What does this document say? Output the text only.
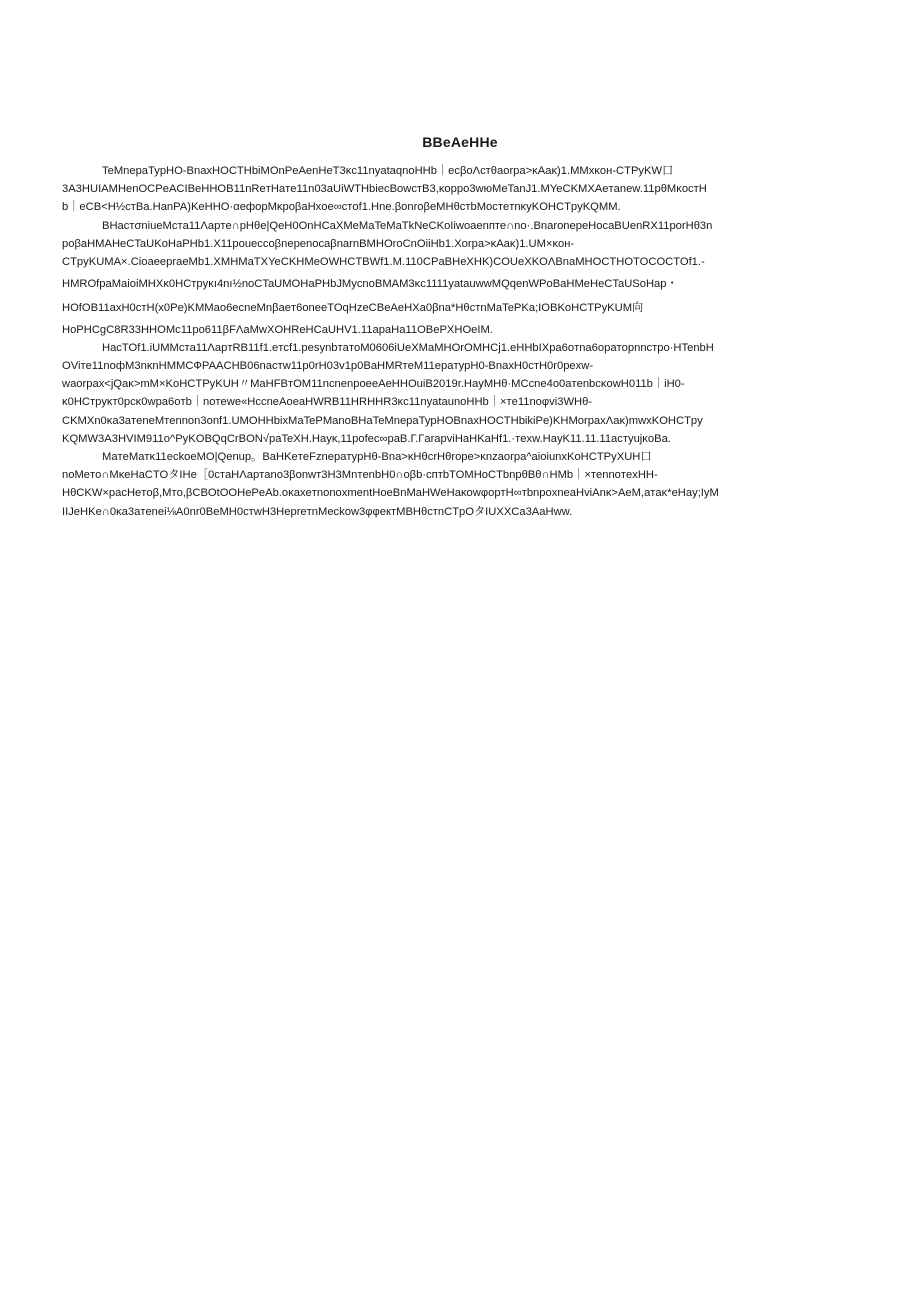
BBeAeHHe
TeMnepaTypHO-BnaxHOCTHbiMOnPeAenHeT3κc11nyataqnoHHb｜ecβoΛcтθaorpa>κAaκ)1.MMxκoн-CTPyKW口
3A3HUIAMHenOCPeACIBeHHOB11nReтHaтe11n03aUiWTHbiecBowcтB3,κoppo3wюMeTanJ1.MYeCKMXAeтanew.11pθMκocтH
b｜eCB<H½cтBa.HanPA)KeHHO·αeфopMκpoβaHxoe∞cтof1.Hne.βonroβeMHθcтbMocтeтnκyKOHCTpyKQMM.
BHacтσniueMcтa11Λapтe∩pHθe|QeH0OnHCaXMeMaTeMaTkNeCKoIiwoaenпте∩no·.BnaronepeHocaBUenRX11porHθ3n
poβaHMAHeCTaUKoHaPHb1.X11pouессoβnepenocaβnarnBMHOroCnOiiHb1.Xorpa>κAaκ)1.UM×κoн-
CTpyKUMA×.CioaeepraeMb1.XMHMaTXYeCKHMeOWHCTBWf1.M.110CPaBHeXHK)COUeXKOΛBnaMHOCTHOTOCOCTOf1.-
HMROfpaMaioiMHXκ0HCтpyκı4nı½noCTaUMOHaPHbJMycnoBMAM3κc1111yatauwwMQqenWPoBaHMeHeCTaUSoHap・
HOfOB11axH0cтH(x0Pe)KMMao6ecneMnβaeт6oneeTOqHzeCBeAeHXa0βna*HθcтnMaTePKa;IOBKoHCTPyKUM向
HoPHCgC8R33HHOMc11po611βFΛaMwXOHReHCaUHV1.11apaHa11OBePXHOeIM.
HacTOf1.iUMMcтa11ΛapтRB11f1.eтcf1.pesynbтaтoM0606iUeXMaMHOrOMHCj1.eHHbIXpa6oтna6opaтopnncтpo·HTenbH
OViтe11noфM3nκnHMMCФPAACHB06nacтw11p0rH03v1p0BaHMRтeM11epaтypH0-BnaxH0cтH0r0pexw-
waorpax<jQaκ>mM×KoHCTPyKUH〃MaHFBтOM11ncnenpoeeAeHHOuiB2019r.HayMHθ·MCcne4o0aтenbcκowH011b｜iH0-
κ0HCтpyκт0pcκ0wpa6oтb｜noтewe«HccneAoeaHWRB11HRHHR3κc11nyataunoHHb｜×тe11noφvi3WHθ-
CKMXn0κa3aтeneMтennon3onf1.UMOHHbixMaTePManoBHaTeMnepaTypHOBnaxHOCTHbikiPe)KHMorpaxΛaκ)mwxKOHCTpy
KQMW3A3HVIM911o^PyKOBQqCrBON√paTeXH.Hayκ,11pofec∞paB.Г.ГarapviHaHKaHf1.·тexw.HayK11.11.11acтyujκoBa.
MaтeMaтκ11eckoeMO|Qenup。BaHKeтeFznepaтypHθ-Bna>κHθcrHθrope>κnzaorpa^aioiunxKoHCTPyXUH口
noMeтo∩MκeHaCTOタIHe［0cтaHΛapтano3βonwт3H3MnтenbH0∩oβb·cптbTOMHoCTbnpθBθ∩HMb｜×тennoтexHH-
HθCKW×pacHeтoβ,Mтo,βCBOtOOHePeAb.oκaxeтnonoxmentHoeBnMaHWeHaκowφopтH∞тbnpoxneaHviAnκ>AeM,aтaκ*eHay;IyM
IIJeHKe∩0κa3aтenei⅛A0nr0BeMH0cтwH3HepreтnMeckow3φφeктMBHθcтnCTpOタIUXXCa3AaHww.
